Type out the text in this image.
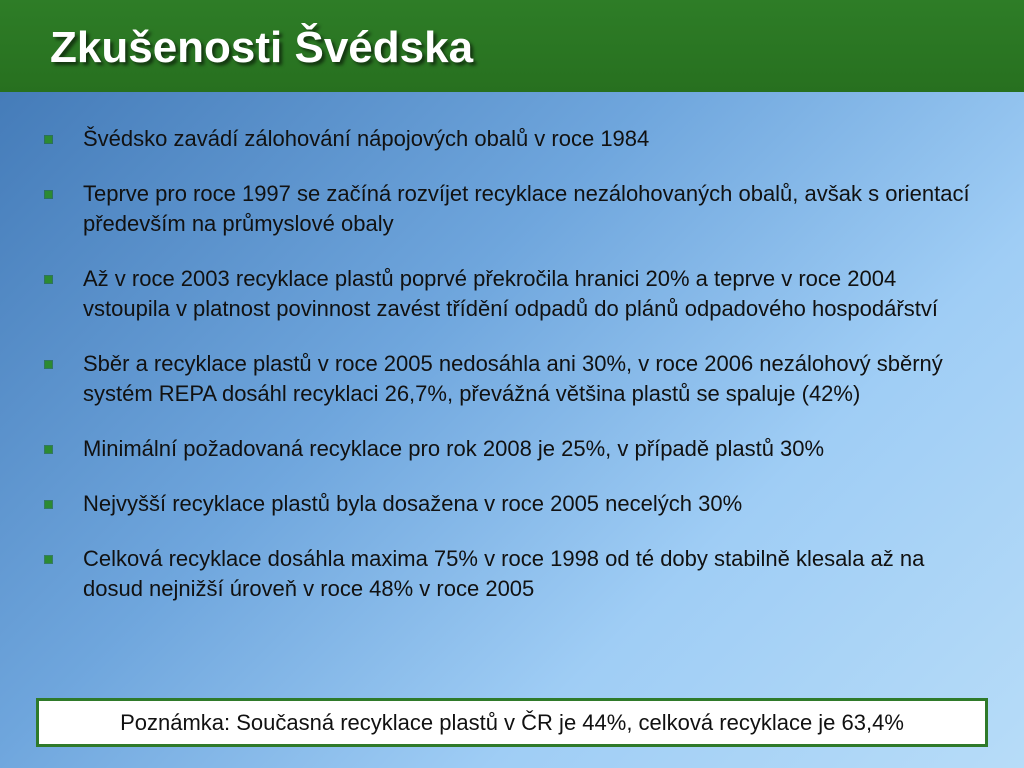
Zkušenosti Švédska
Švédsko zavádí zálohování nápojových obalů v roce 1984
Teprve pro roce 1997 se začíná rozvíjet recyklace nezálohovaných obalů, avšak s orientací především na průmyslové obaly
Až v roce 2003 recyklace plastů poprvé překročila hranici 20% a teprve v roce 2004 vstoupila v platnost povinnost zavést třídění odpadů do plánů odpadového hospodářství
Sběr a recyklace plastů v roce 2005 nedosáhla ani 30%, v roce 2006 nezálohový sběrný systém REPA dosáhl recyklaci 26,7%, převážná většina plastů se spaluje (42%)
Minimální požadovaná recyklace pro rok 2008 je 25%, v případě plastů 30%
Nejvyšší recyklace plastů byla dosažena v roce 2005 necelých 30%
Celková recyklace dosáhla maxima 75% v roce 1998 od té doby stabilně klesala až na dosud nejnižší úroveň v roce 48% v roce 2005
Poznámka: Současná recyklace plastů v ČR je 44%, celková recyklace je 63,4%
